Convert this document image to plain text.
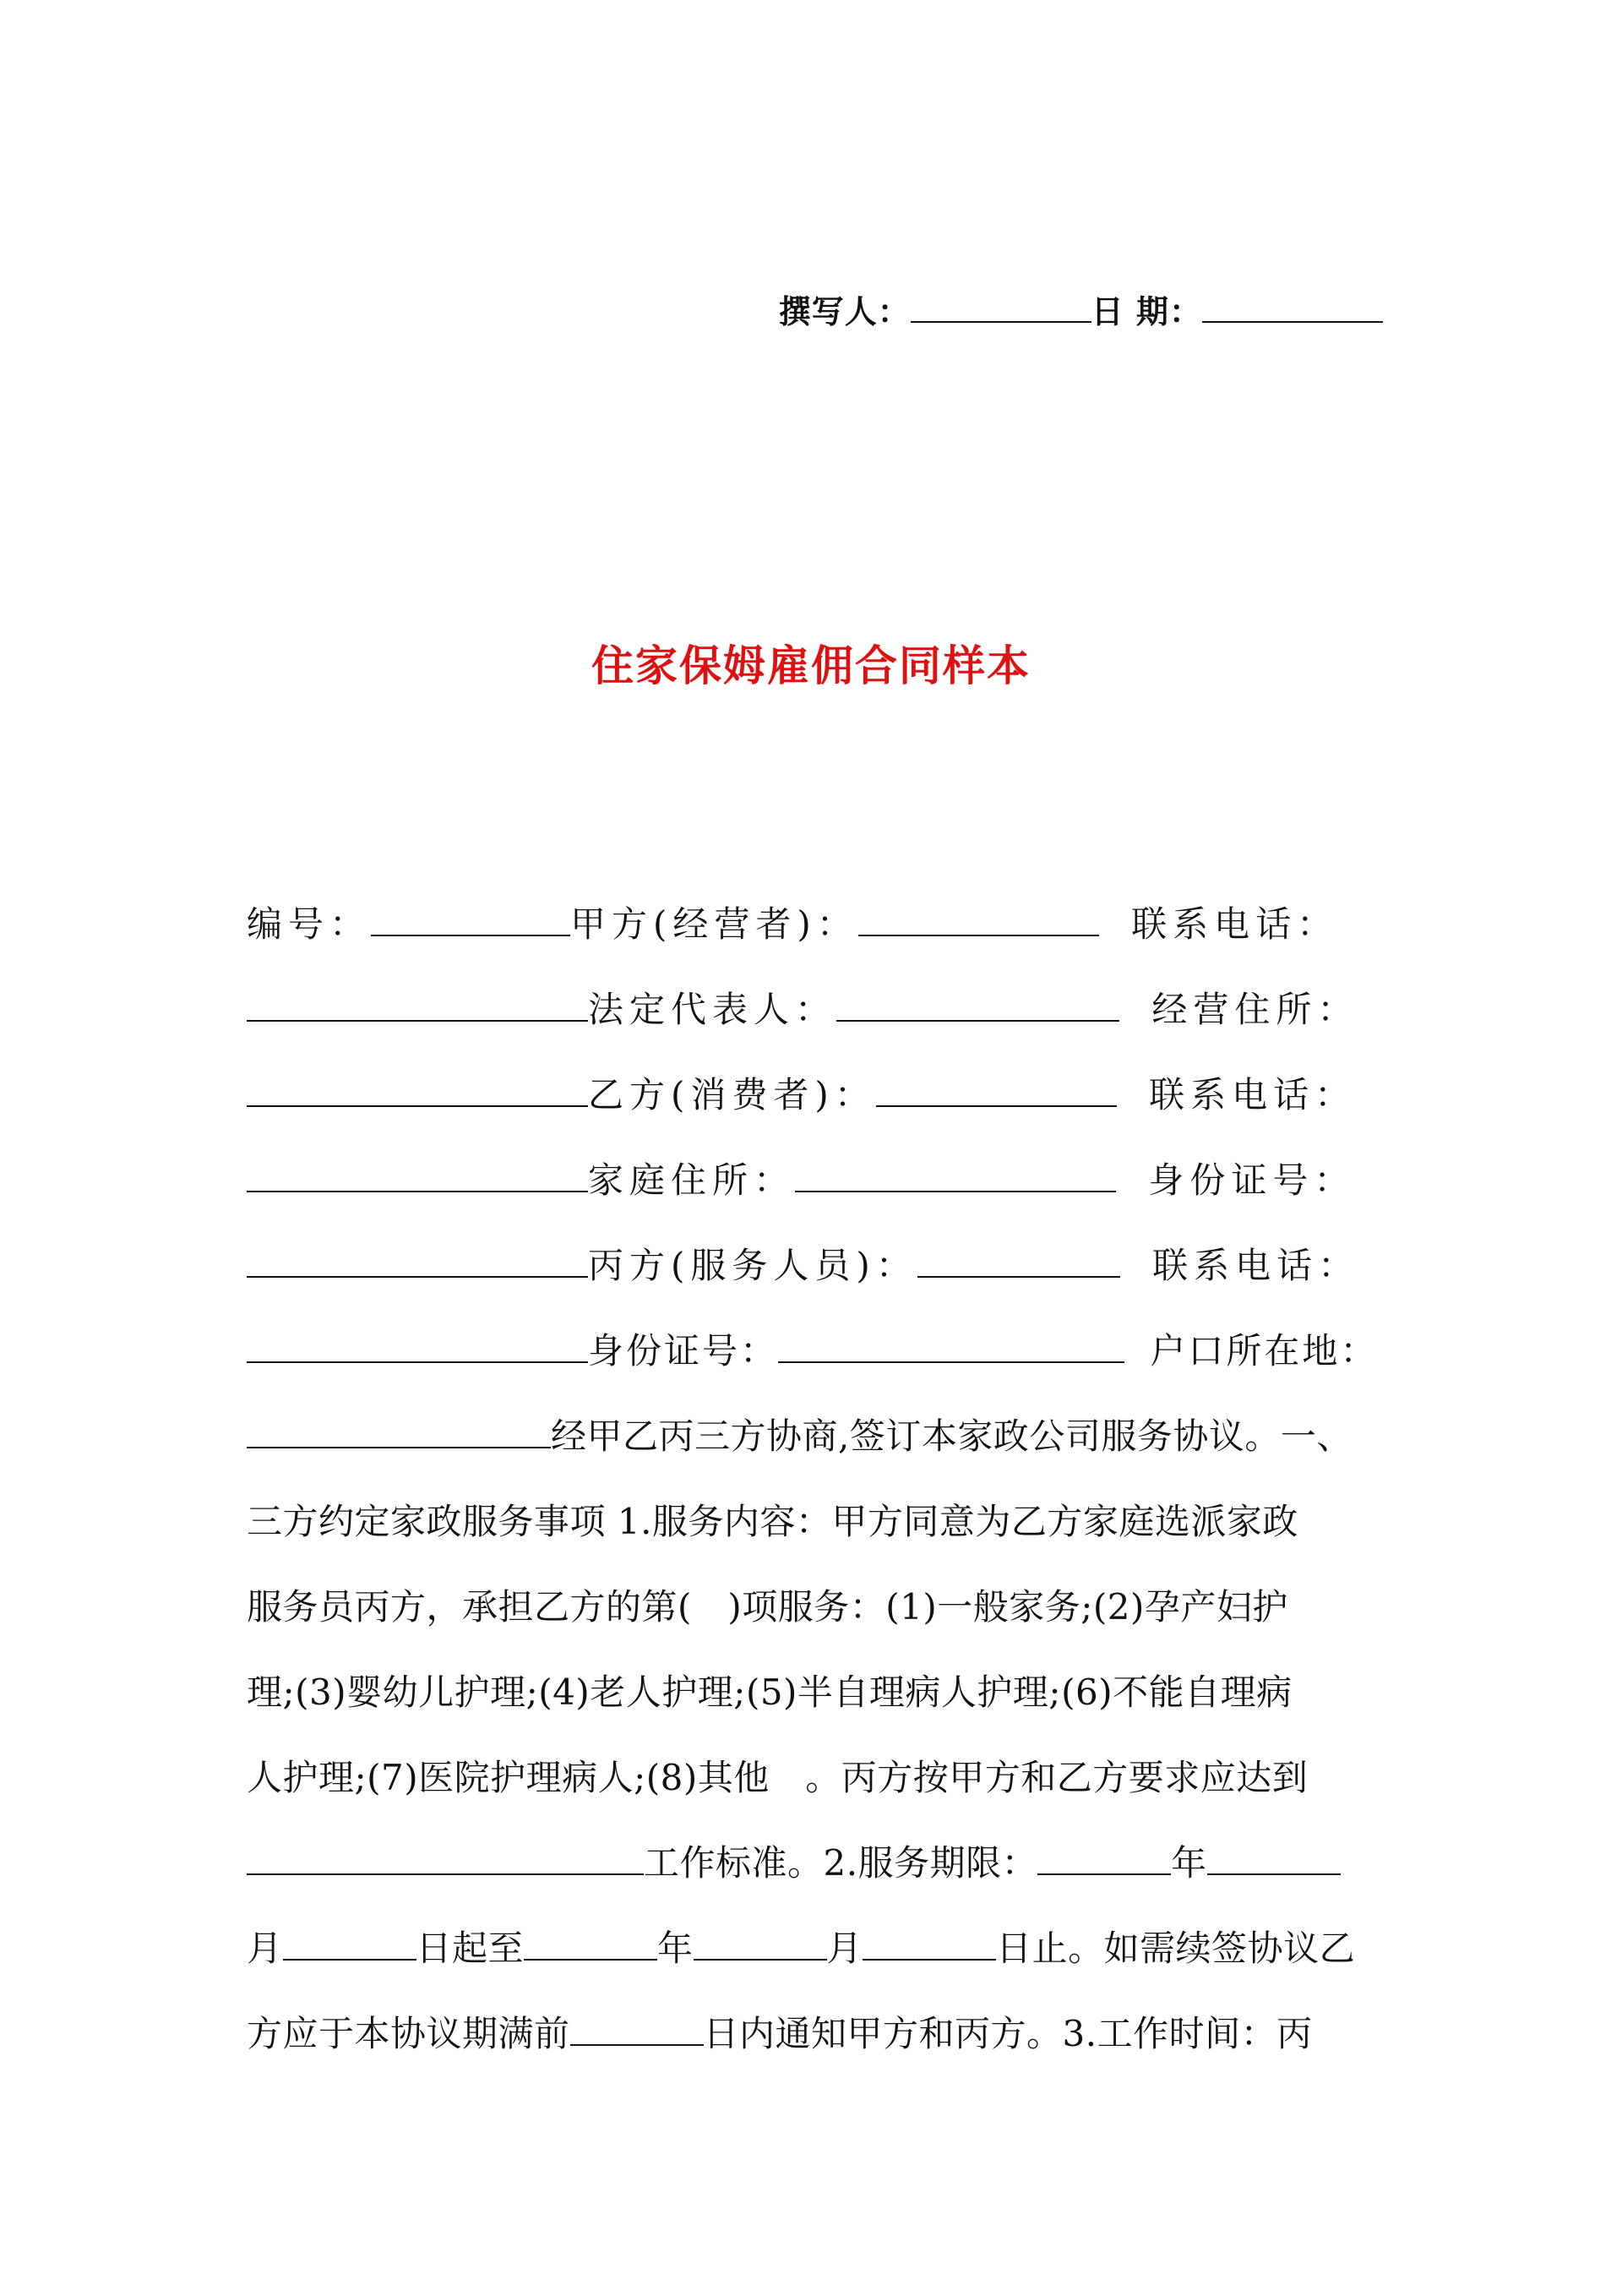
撰写人：	日 期：
住家保姆雇佣合同样本
编号：	甲方(经营者)：	联系电话：
法定代表人：	经营住所：
乙方(消费者)：	联系电话：
家庭住所：	身份证号：
丙方(服务人员)：	联系电话：
身份证号：	户口所在地：
经甲乙丙三方协商,签订本家政公司服务协议。一、
三方约定家政服务事项 1.服务内容：甲方同意为乙方家庭选派家政
服务员丙方，承担乙方的第(　)项服务：(1)一般家务;(2)孕产妇护
理;(3)婴幼儿护理;(4)老人护理;(5)半自理病人护理;(6)不能自理病
人护理;(7)医院护理病人;(8)其他　。丙方按甲方和乙方要求应达到
工作标准。2.服务期限：	年
月	日起至	年	月	日止。如需续签协议乙
方应于本协议期满前	日内通知甲方和丙方。3.工作时间：丙
